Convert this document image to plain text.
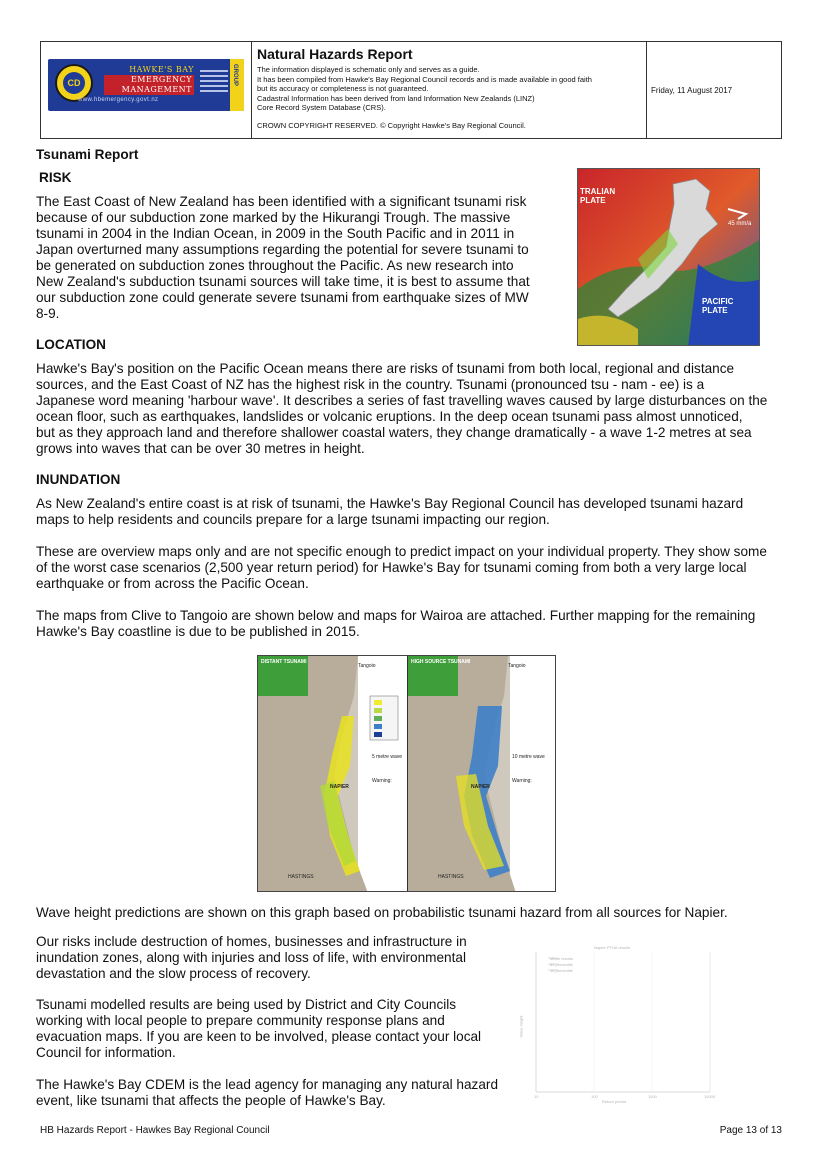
CD
HAWKE'S BAY
EMERGENCY MANAGEMENT
www.hbemergency.govt.nz
GROUP

Natural Hazards Report

The information displayed is schematic only and serves as a guide.

It has been compiled from Hawke's Bay Regional Council records and is made available in good faith

but its accuracy or completeness is not guaranteed.

Cadastral Information has been derived from land Information New Zealands (LINZ)

Core Record System Database (CRS).

CROWN COPYRIGHT RESERVED. © Copyright Hawke's Bay Regional Council.

Friday, 11 August 2017

Tsunami Report

RISK

The East Coast of New Zealand has been identified with a significant tsunami risk

because of our subduction zone marked by the Hikurangi Trough. The massive

tsunami in 2004 in the Indian Ocean, in 2009 in the South Pacific and in 2011 in

Japan overturned many assumptions regarding the potential for severe tsunami to

be generated on subduction zones throughout the Pacific. As new research into

New Zealand's subduction tsunami sources will take time, it is best to assume that

our subduction zone could generate severe tsunami from earthquake sizes of MW

8-9.

TRALIAN PLATE
45 mm/a
PACIFIC PLATE

LOCATION

Hawke's Bay's position on the Pacific Ocean means there are risks of tsunami from both local, regional and distance

sources, and the East Coast of NZ has the highest risk in the country. Tsunami (pronounced tsu - nam - ee) is a

Japanese word meaning 'harbour wave'. It describes a series of fast travelling waves caused by large disturbances on the

ocean floor, such as earthquakes, landslides or volcanic eruptions. In the deep ocean tsunami pass almost unnoticed,

but as they approach land and therefore shallower coastal waters, they change dramatically - a wave 1-2 metres at sea

grows into waves that can be over 30 metres in height.

INUNDATION

As New Zealand's entire coast is at risk of tsunami, the Hawke's Bay Regional Council has developed tsunami hazard

maps to help residents and councils prepare for a large tsunami impacting our region.

These are overview maps only and are not specific enough to predict impact on your individual property. They show some

of the worst case scenarios (2,500 year return period) for Hawke's Bay for tsunami coming from both a very large local

earthquake or from across the Pacific Ocean.

The maps from Clive to Tangoio are shown below and maps for Wairoa are attached. Further mapping for the remaining

Hawke's Bay coastline is due to be published in 2015.

DISTANT TSUNAMI	HIGH SOURCE TSUNAMI
Tangoio	Tangoio
NAPIER	NAPIER
HASTINGS	HASTINGS
5 metre wave	10 metre wave
Warning:	Warning:

Wave height predictions are shown on this graph based on probabilistic tsunami hazard from all sources for Napier.

Our risks include destruction of homes, businesses and infrastructure in

inundation zones, along with injuries and loss of life, with environmental

devastation and the slow process of recovery.

Tsunami modelled results are being used by District and City Councils

working with local people to prepare community response plans and

evacuation maps. If you are keen to be involved, please contact your local

Council for information.

The Hawke's Bay CDEM is the lead agency for managing any natural hazard

event, like tsunami that affects the people of Hawke's Bay.

Napier PTHA results
Mean results
84 percentile
16 percentile
Wave height
Return period
10	100	1000	10000

HB Hazards Report - Hawkes Bay Regional Council	Page 13 of 13
